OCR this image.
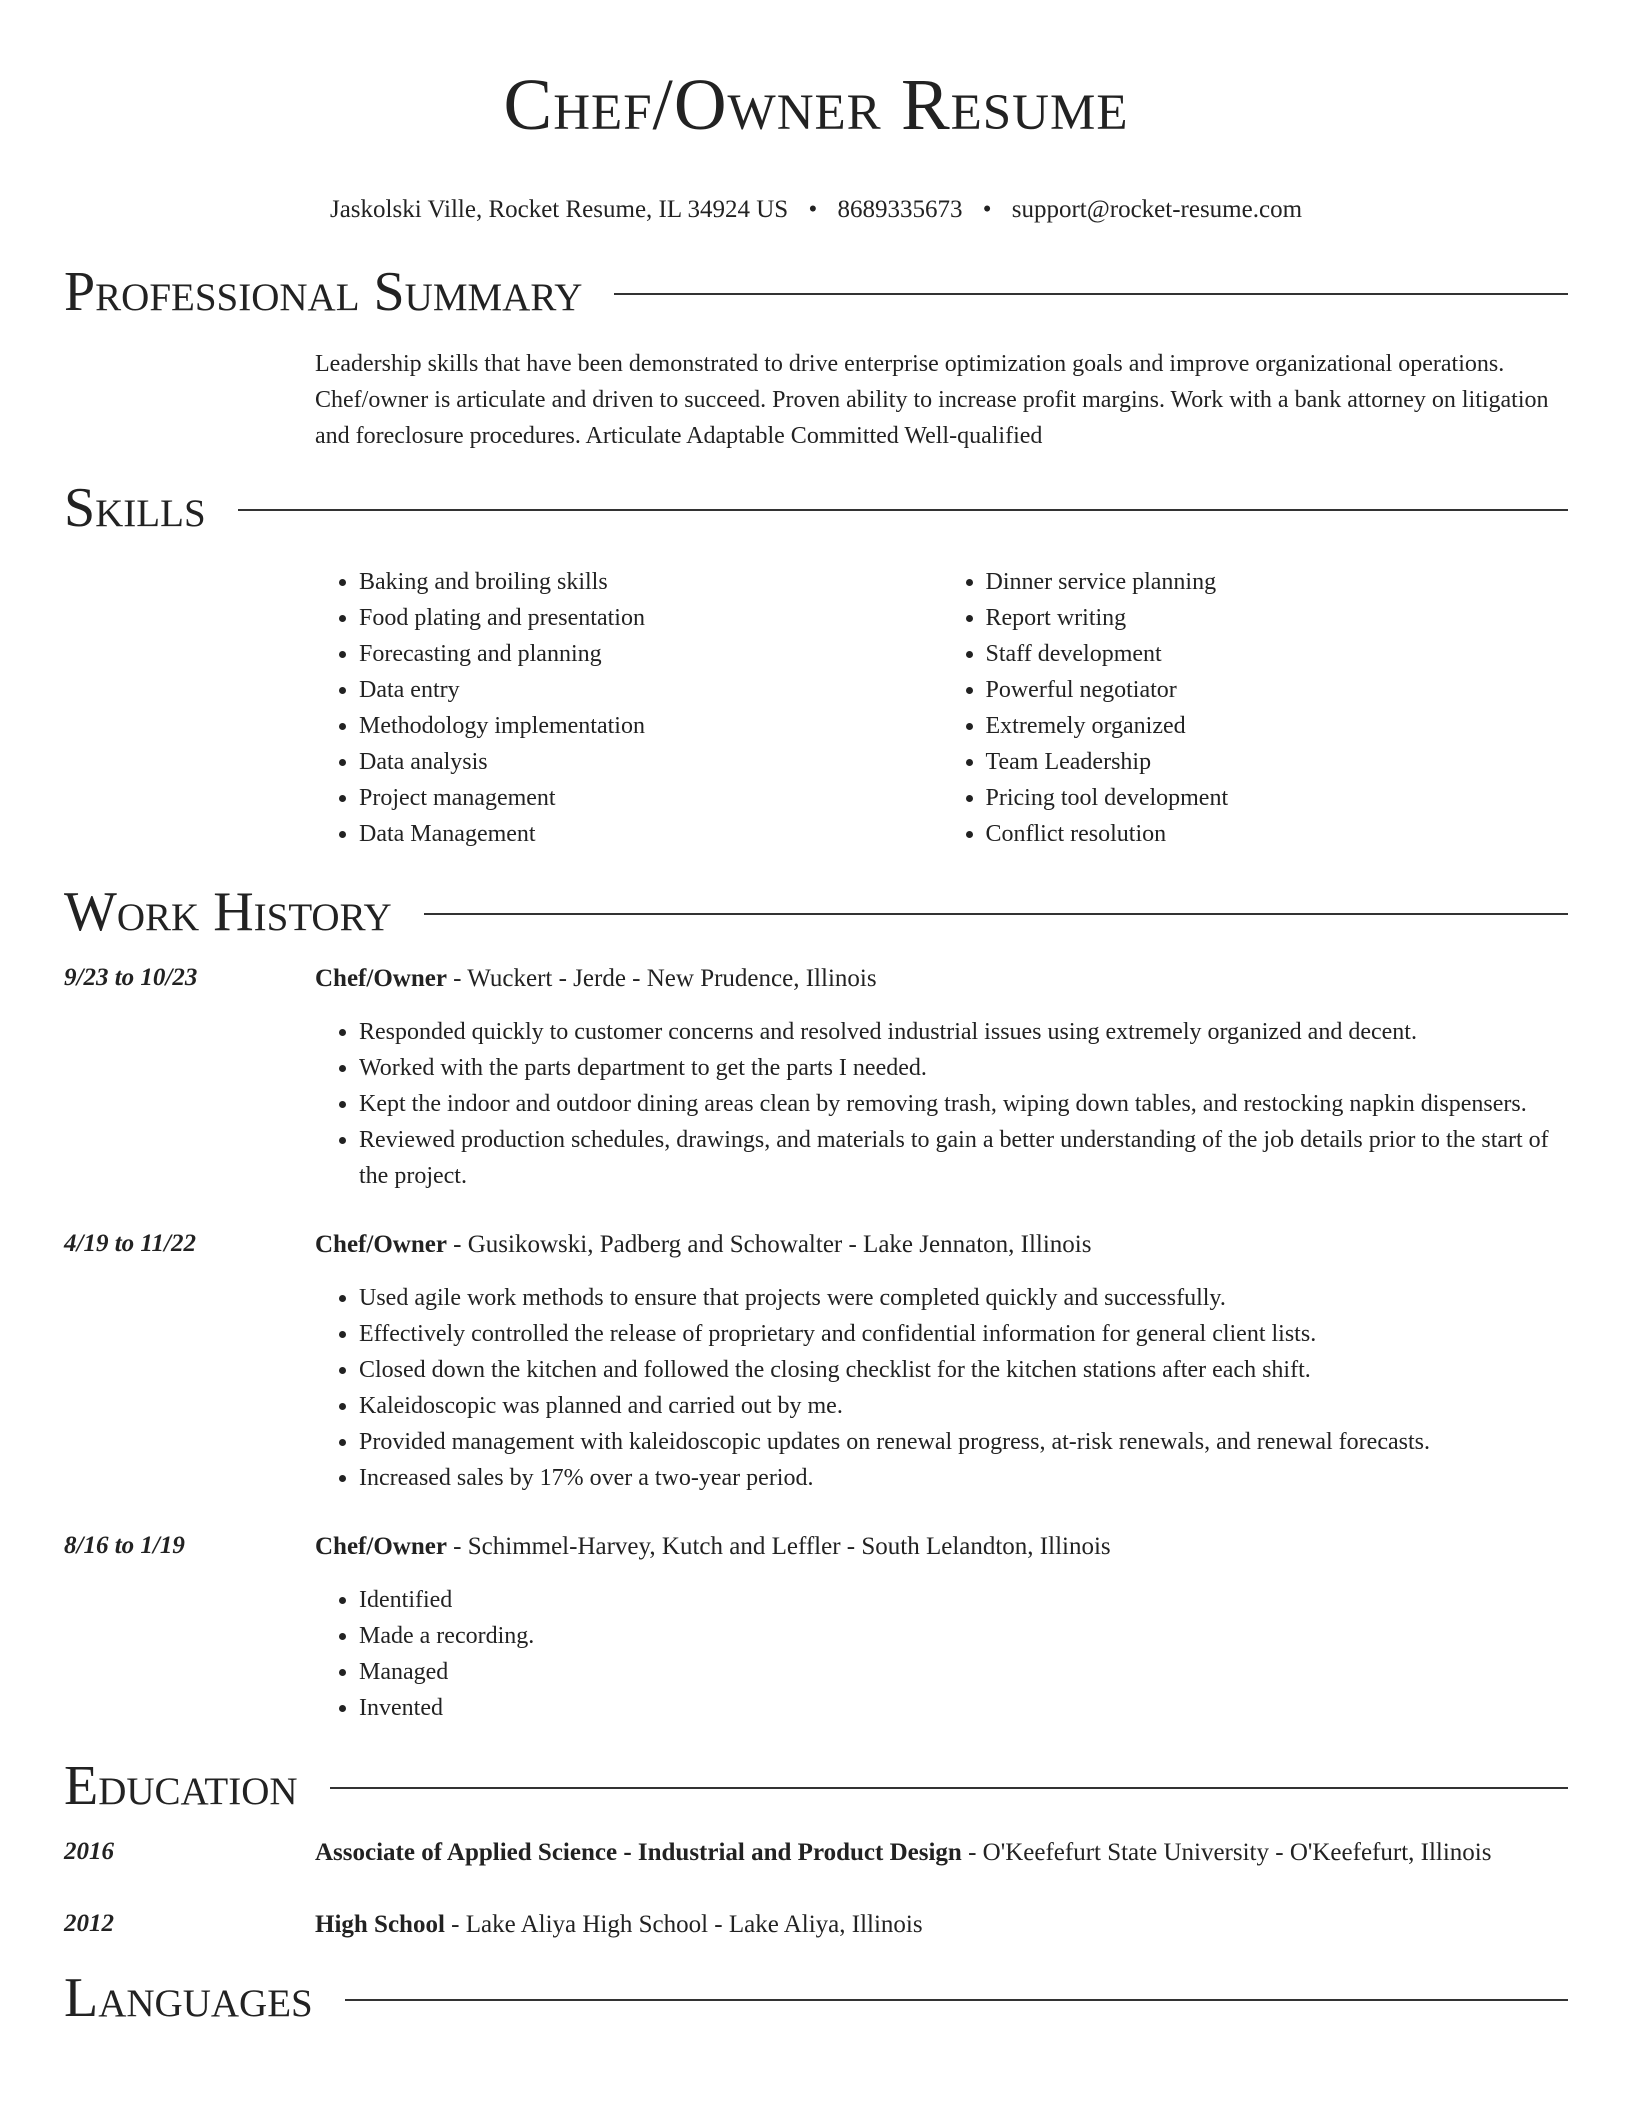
Chef/Owner Resume
Jaskolski Ville, Rocket Resume, IL 34924 US • 8689335673 • support@rocket-resume.com
Professional Summary
Leadership skills that have been demonstrated to drive enterprise optimization goals and improve organizational operations. Chef/owner is articulate and driven to succeed. Proven ability to increase profit margins. Work with a bank attorney on litigation and foreclosure procedures. Articulate Adaptable Committed Well-qualified
Skills
• Baking and broiling skills
• Food plating and presentation
• Forecasting and planning
• Data entry
• Methodology implementation
• Data analysis
• Project management
• Data Management
• Dinner service planning
• Report writing
• Staff development
• Powerful negotiator
• Extremely organized
• Team Leadership
• Pricing tool development
• Conflict resolution
Work History
9/23 to 10/23	Chef/Owner - Wuckert - Jerde - New Prudence, Illinois
• Responded quickly to customer concerns and resolved industrial issues using extremely organized and decent.
• Worked with the parts department to get the parts I needed.
• Kept the indoor and outdoor dining areas clean by removing trash, wiping down tables, and restocking napkin dispensers.
• Reviewed production schedules, drawings, and materials to gain a better understanding of the job details prior to the start of the project.
4/19 to 11/22	Chef/Owner - Gusikowski, Padberg and Schowalter - Lake Jennaton, Illinois
• Used agile work methods to ensure that projects were completed quickly and successfully.
• Effectively controlled the release of proprietary and confidential information for general client lists.
• Closed down the kitchen and followed the closing checklist for the kitchen stations after each shift.
• Kaleidoscopic was planned and carried out by me.
• Provided management with kaleidoscopic updates on renewal progress, at-risk renewals, and renewal forecasts.
• Increased sales by 17% over a two-year period.
8/16 to 1/19	Chef/Owner - Schimmel-Harvey, Kutch and Leffler - South Lelandton, Illinois
• Identified
• Made a recording.
• Managed
• Invented
Education
2016	Associate of Applied Science - Industrial and Product Design - O'Keefefurt State University - O'Keefefurt, Illinois
2012	High School - Lake Aliya High School - Lake Aliya, Illinois
Languages
